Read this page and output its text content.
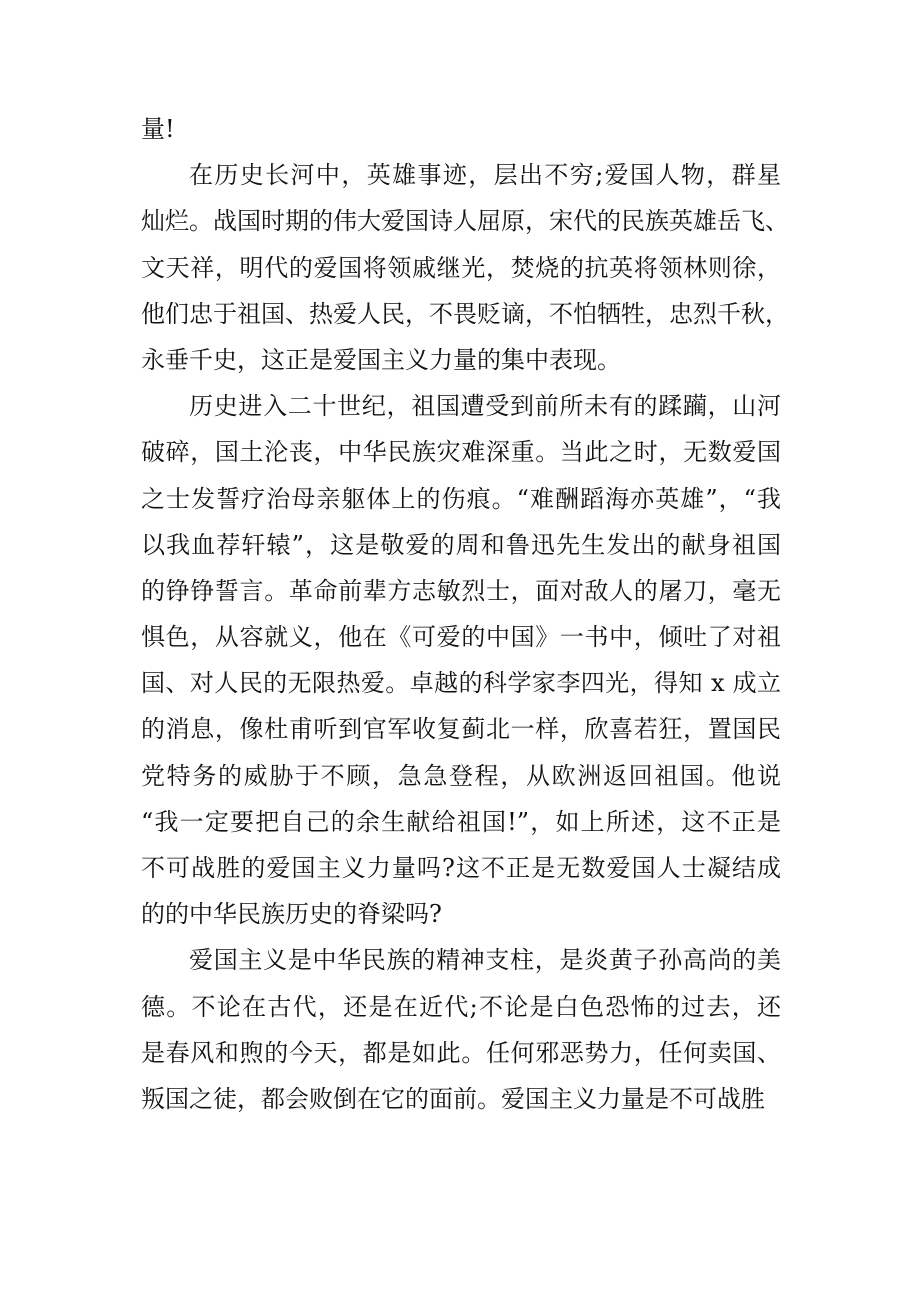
量!
在历史长河中，英雄事迹，层出不穷;爱国人物，群星
灿烂。战国时期的伟大爱国诗人屈原，宋代的民族英雄岳飞、
文天祥，明代的爱国将领戚继光，焚烧的抗英将领林则徐，
他们忠于祖国、热爱人民，不畏贬谪，不怕牺牲，忠烈千秋，
永垂千史，这正是爱国主义力量的集中表现。
历史进入二十世纪，祖国遭受到前所未有的蹂躏，山河
破碎，国土沦丧，中华民族灾难深重。当此之时，无数爱国
之士发誓疗治母亲躯体上的伤痕。“难酬蹈海亦英雄”，“我
以我血荐轩辕”，这是敬爱的周和鲁迅先生发出的献身祖国
的铮铮誓言。革命前辈方志敏烈士，面对敌人的屠刀，毫无
惧色，从容就义，他在《可爱的中国》一书中，倾吐了对祖
国、对人民的无限热爱。卓越的科学家李四光，得知 x 成立
的消息，像杜甫听到官军收复蓟北一样，欣喜若狂，置国民
党特务的威胁于不顾，急急登程，从欧洲返回祖国。他说
“我一定要把自己的余生献给祖国!”，如上所述，这不正是
不可战胜的爱国主义力量吗?这不正是无数爱国人士凝结成
的的中华民族历史的脊梁吗?
爱国主义是中华民族的精神支柱，是炎黄子孙高尚的美
德。不论在古代，还是在近代;不论是白色恐怖的过去，还
是春风和煦的今天，都是如此。任何邪恶势力，任何卖国、
叛国之徒，都会败倒在它的面前。爱国主义力量是不可战胜
